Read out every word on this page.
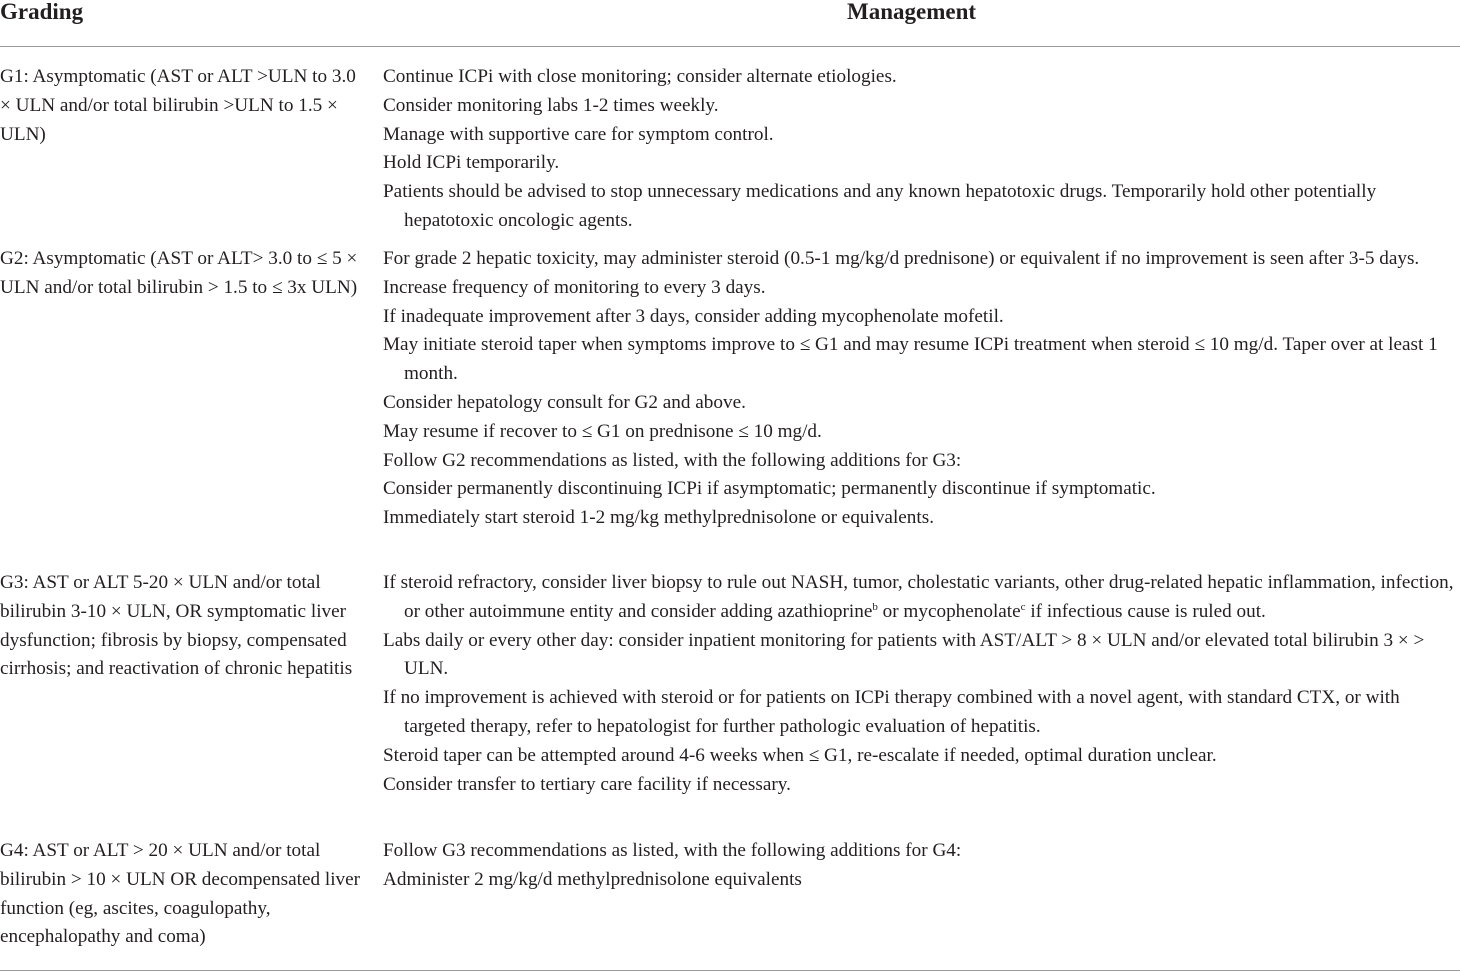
Grading	Management
G1: Asymptomatic (AST or ALT >ULN to 3.0 × ULN and/or total bilirubin >ULN to 1.5 × ULN)
Continue ICPi with close monitoring; consider alternate etiologies.
Consider monitoring labs 1-2 times weekly.
Manage with supportive care for symptom control.
Hold ICPi temporarily.
Patients should be advised to stop unnecessary medications and any known hepatotoxic drugs. Temporarily hold other potentially hepatotoxic oncologic agents.
G2: Asymptomatic (AST or ALT> 3.0 to ≤ 5 × ULN and/or total bilirubin > 1.5 to ≤ 3x ULN)
For grade 2 hepatic toxicity, may administer steroid (0.5-1 mg/kg/d prednisone) or equivalent if no improvement is seen after 3-5 days.
Increase frequency of monitoring to every 3 days.
If inadequate improvement after 3 days, consider adding mycophenolate mofetil.
May initiate steroid taper when symptoms improve to ≤ G1 and may resume ICPi treatment when steroid ≤ 10 mg/d. Taper over at least 1 month.
Consider hepatology consult for G2 and above.
May resume if recover to ≤ G1 on prednisone ≤ 10 mg/d.
Follow G2 recommendations as listed, with the following additions for G3:
Consider permanently discontinuing ICPi if asymptomatic; permanently discontinue if symptomatic.
Immediately start steroid 1-2 mg/kg methylprednisolone or equivalents.
G3: AST or ALT 5-20 × ULN and/or total bilirubin 3-10 × ULN, OR symptomatic liver dysfunction; fibrosis by biopsy, compensated cirrhosis; and reactivation of chronic hepatitis
If steroid refractory, consider liver biopsy to rule out NASH, tumor, cholestatic variants, other drug-related hepatic inflammation, infection, or other autoimmune entity and consider adding azathioprine$^b$ or mycophenolate$^c$ if infectious cause is ruled out.
Labs daily or every other day: consider inpatient monitoring for patients with AST/ALT > 8 × ULN and/or elevated total bilirubin 3 × > ULN.
If no improvement is achieved with steroid or for patients on ICPi therapy combined with a novel agent, with standard CTX, or with targeted therapy, refer to hepatologist for further pathologic evaluation of hepatitis.
Steroid taper can be attempted around 4-6 weeks when ≤ G1, re-escalate if needed, optimal duration unclear.
Consider transfer to tertiary care facility if necessary.
G4: AST or ALT > 20 × ULN and/or total bilirubin > 10 × ULN OR decompensated liver function (eg, ascites, coagulopathy, encephalopathy and coma)
Follow G3 recommendations as listed, with the following additions for G4:
Administer 2 mg/kg/d methylprednisolone equivalents
